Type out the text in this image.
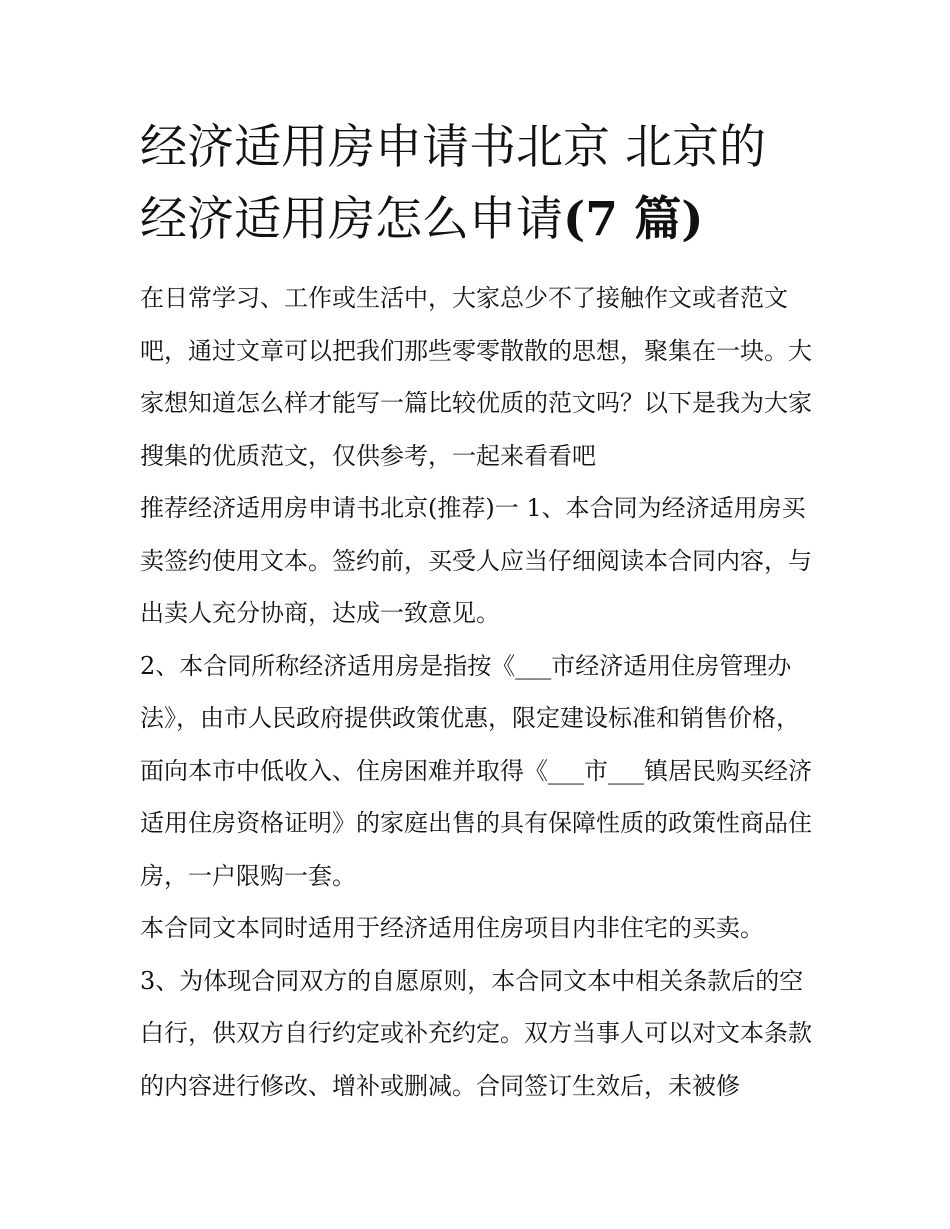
经济适用房申请书北京 北京的
经济适用房怎么申请(7 篇)

在日常学习、工作或生活中，大家总少不了接触作文或者范文吧，通过文章可以把我们那些零零散散的思想，聚集在一块。大家想知道怎么样才能写一篇比较优质的范文吗？以下是我为大家搜集的优质范文，仅供参考，一起来看看吧

推荐经济适用房申请书北京(推荐)一 1、本合同为经济适用房买卖签约使用文本。签约前，买受人应当仔细阅读本合同内容，与出卖人充分协商，达成一致意见。

2、本合同所称经济适用房是指按《___市经济适用住房管理办法》，由市人民政府提供政策优惠，限定建设标准和销售价格，面向本市中低收入、住房困难并取得《___市___镇居民购买经济适用住房资格证明》的家庭出售的具有保障性质的政策性商品住房，一户限购一套。

本合同文本同时适用于经济适用住房项目内非住宅的买卖。

3、为体现合同双方的自愿原则，本合同文本中相关条款后的空白行，供双方自行约定或补充约定。双方当事人可以对文本条款的内容进行修改、增补或删减。合同签订生效后，未被修
